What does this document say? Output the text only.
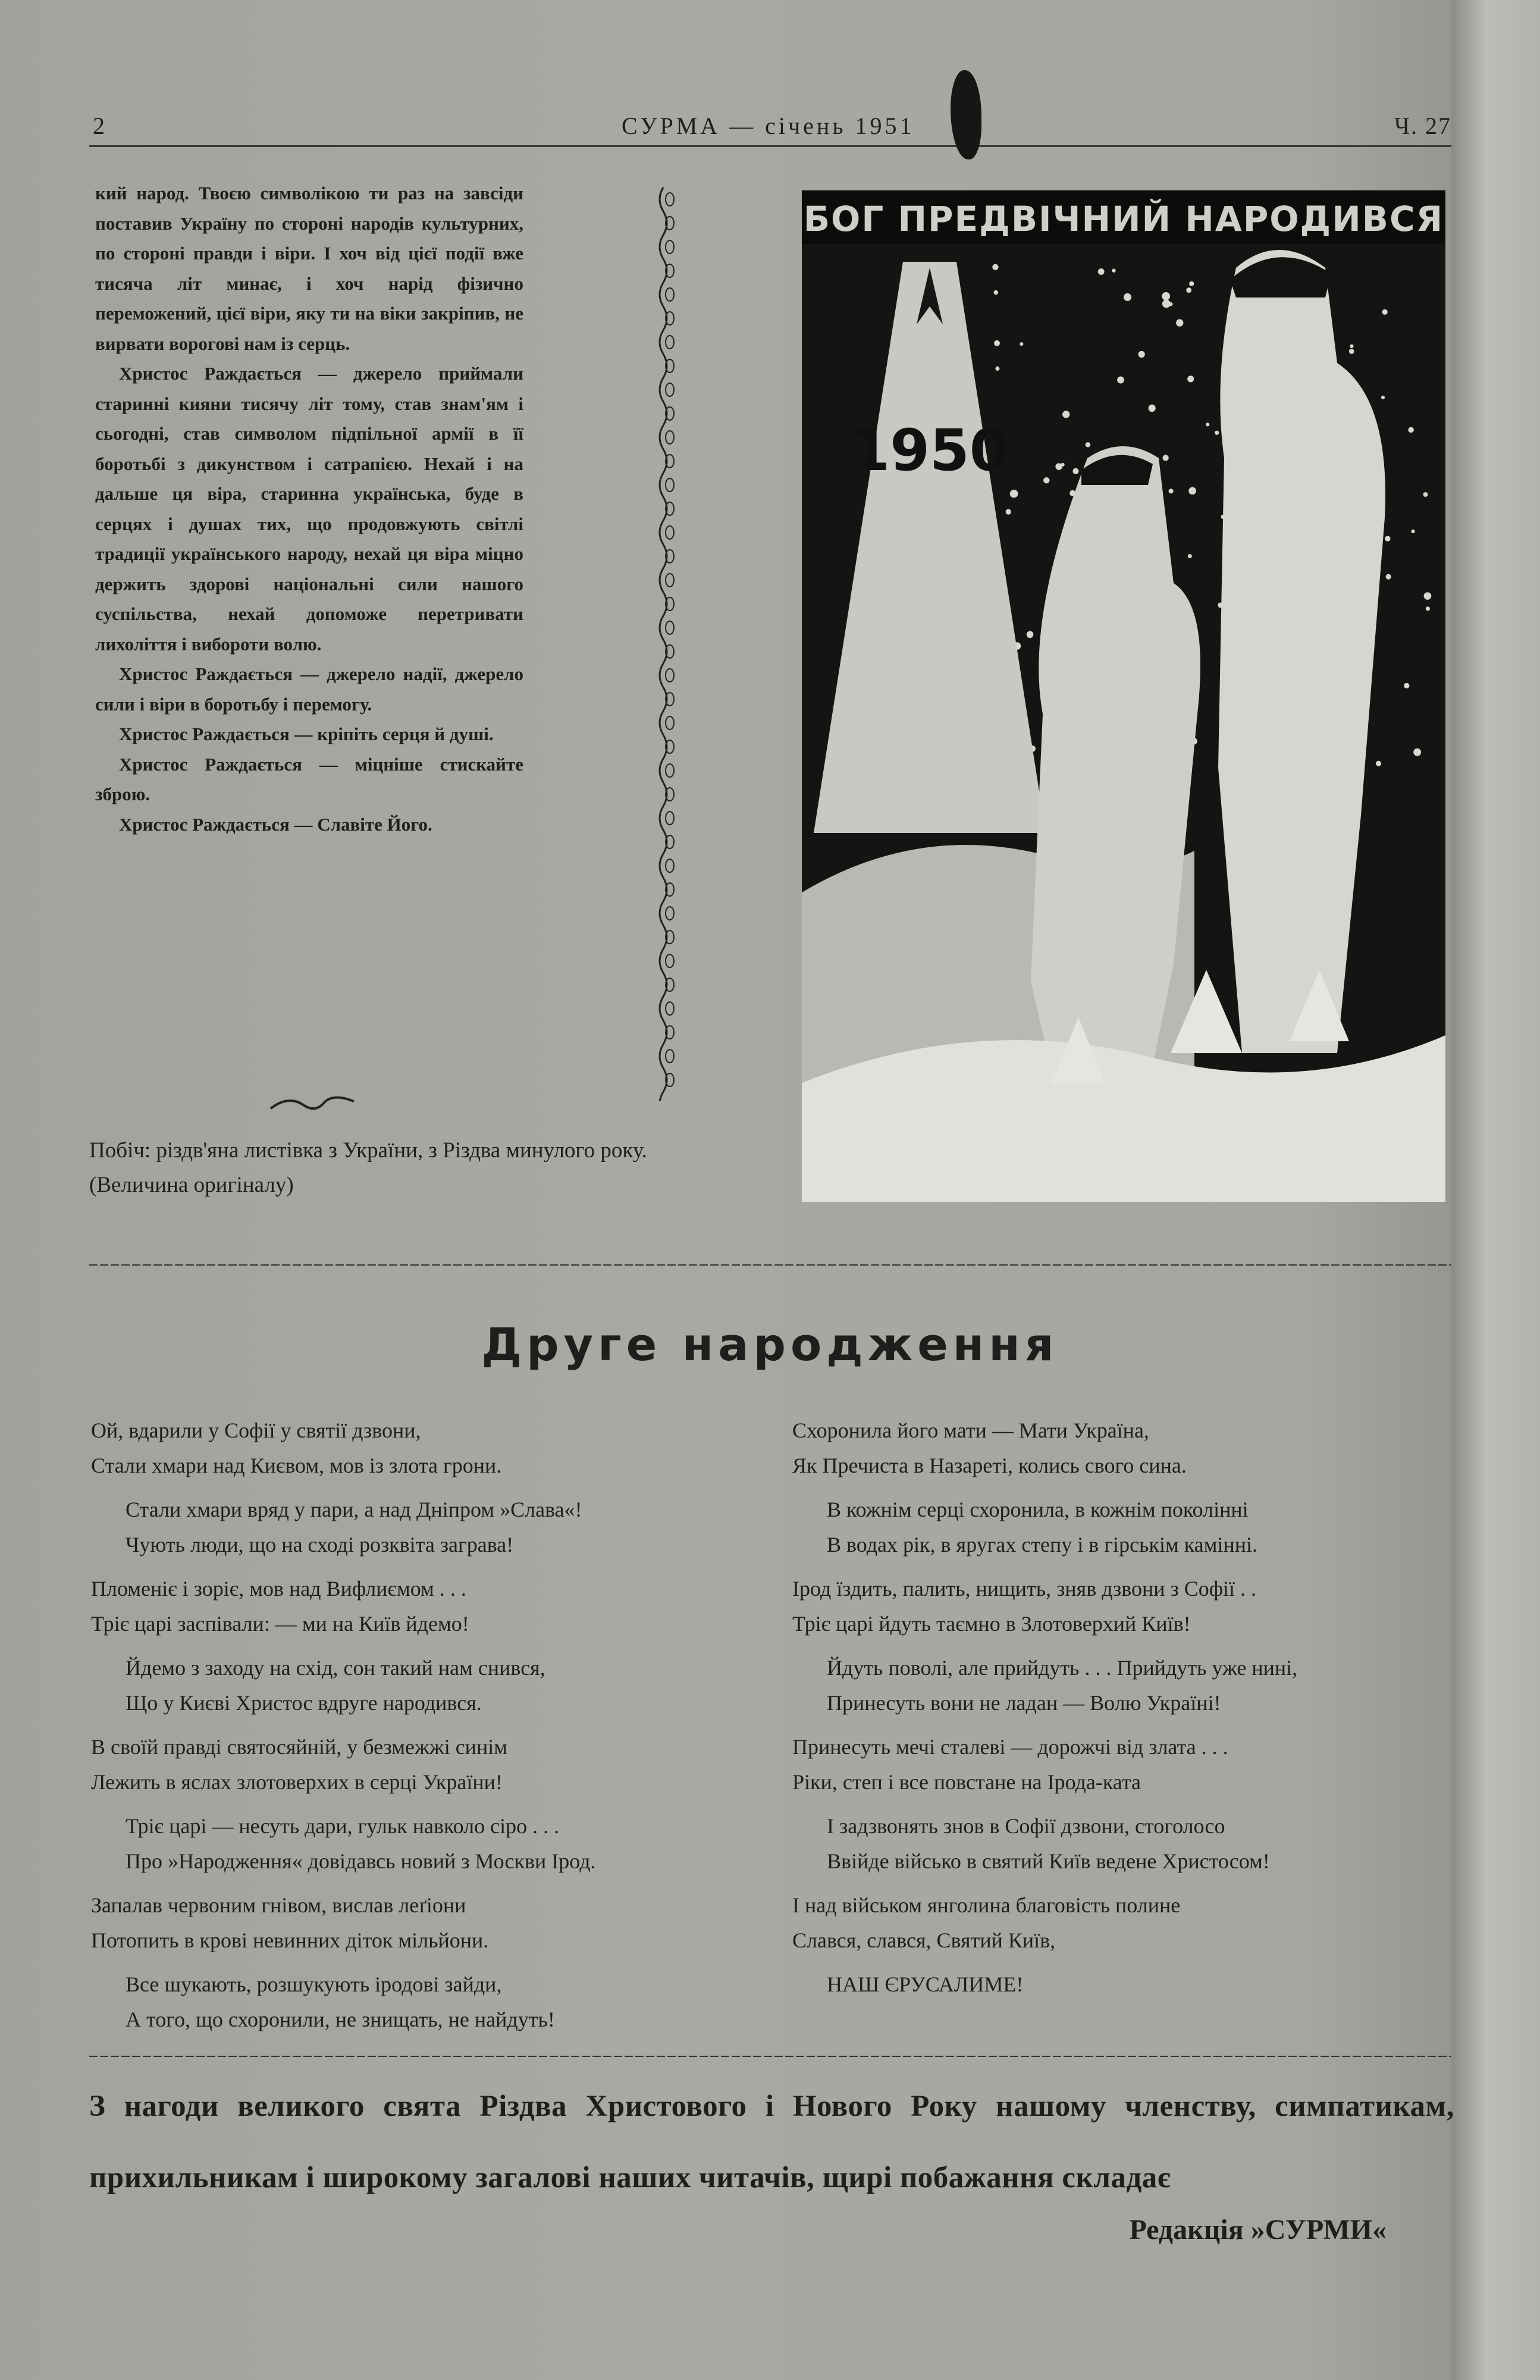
2	СУРМА — січень 1951	Ч. 27

кий народ. Твоєю символікою ти раз на завсіди поставив Україну по стороні народів культурних, по стороні правди і віри. І хоч від цієї події вже тисяча літ минає, і хоч нарід фізично переможений, цієї віри, яку ти на віки закріпив, не вирвати ворогові нам із серць.

Христос Раждається — джерело приймали старинні кияни тисячу літ тому, став знам'ям і сьогодні, став символом підпільної армії в її боротьбі з дикунством і сатрапією. Нехай і на дальше ця віра, старинна українська, буде в серцях і душах тих, що продовжують світлі традиції українського народу, нехай ця віра міцно держить здорові національні сили нашого суспільства, нехай допоможе перетривати лихоліття і вибороти волю.

Христос Раждається — джерело надії, джерело сили і віри в боротьбу і перемогу.

Христос Раждається — кріпіть серця й душі.

Христос Раждається — міцніше стискайте зброю.

Христос Раждається — Славіте Його.

Побіч: різдв'яна листівка з України, з Різдва минулого року. (Величина оригіналу)
БОГ ПРЕДВІЧНИЙ НАРОДИВСЯ
1950
Друге народження
Ой, вдарили у Софії у святії дзвони,
Стали хмари над Києвом, мов із злота грони.
Стали хмари вряд у пари, а над Дніпром »Слава«!
Чують люди, що на сході розквіта заграва!
Пломеніє і зоріє, мов над Вифлиємом . . .
Тріє царі заспівали: — ми на Київ йдемо!
Йдемо з заходу на схід, сон такий нам снився,
Що у Києві Христос вдруге народився.
В своїй правді святосяйній, у безмежжі синім
Лежить в яслах злотоверхих в серці України!
Тріє царі — несуть дари, гульк навколо сіро . . .
Про »Народження« довідавсь новий з Москви Ірод.
Запалав червоним гнівом, вислав леґіони
Потопить в крові невинних діток мільйони.
Все шукають, розшукують іродові зайди,
А того, що схоронили, не знищать, не найдуть!
Схоронила його мати — Мати Україна,
Як Пречиста в Назареті, колись свого сина.
В кожнім серці схоронила, в кожнім поколінні
В водах рік, в яругах степу і в гірськім камінні.
Ірод їздить, палить, нищить, зняв дзвони з Софії . .
Тріє царі йдуть таємно в Злотоверхий Київ!
Йдуть поволі, але прийдуть . . . Прийдуть уже нині,
Принесуть вони не ладан — Волю Україні!
Принесуть мечі сталеві — дорожчі від злата . . .
Ріки, степ і все повстане на Ірода-ката
І задзвонять знов в Софії дзвони, стоголосо
Ввійде військо в святий Київ ведене Христосом!
І над військом янголина благовість полине
Слався, слався, Святий Київ,
НАШ ЄРУСАЛИМЕ!
З нагоди великого свята Різдва Христового і Нового Року нашому членству, симпатикам, прихильникам і широкому загалові наших читачів, щирі побажання складає
Редакція »СУРМИ«
